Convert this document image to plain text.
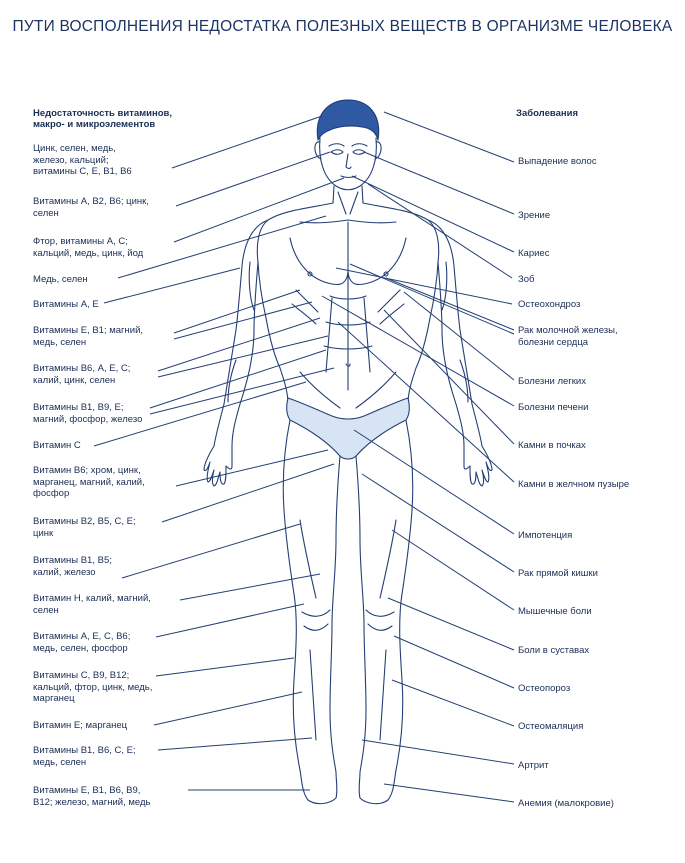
ПУТИ ВОСПОЛНЕНИЯ НЕДОСТАТКА ПОЛЕЗНЫХ ВЕЩЕСТВ В ОРГАНИЗМЕ ЧЕЛОВЕКА
Недостаточность витаминов,
макро- и микроэлементов
Заболевания
Цинк, селен, медь,
железо, кальций;
витамины С, Е, В1, В6
Витамины А, В2, В6; цинк,
селен
Фтор, витамины А, С;
кальций, медь, цинк, йод
Медь, селен
Витамины А, Е
Витамины Е, В1; магний,
медь, селен
Витамины В6, А, Е, С;
калий, цинк, селен
Витамины В1, В9, Е;
магний, фосфор, железо
Витамин С
Витамин В6; хром, цинк,
марганец, магний, калий,
фосфор
Витамины В2, В5, С, Е;
цинк
Витамины В1, В5;
калий, железо
Витамин Н, калий, магний,
селен
Витамины А, Е, С, В6;
медь, селен, фосфор
Витамины С, В9, В12;
кальций, фтор, цинк, медь,
марганец
Витамин Е; марганец
Витамины В1, В6, С, Е;
медь, селен
Витамины Е, В1, В6, В9,
В12; железо, магний, медь
Выпадение волос
Зрение
Кариес
Зоб
Остеохондроз
Рак молочной железы,
болезни сердца
Болезни легких
Болезни печени
Камни в почках
Камни в желчном пузыре
Импотенция
Рак прямой кишки
Мышечные боли
Боли в суставах
Остеопороз
Остеомаляция
Артрит
Анемия (малокровие)
